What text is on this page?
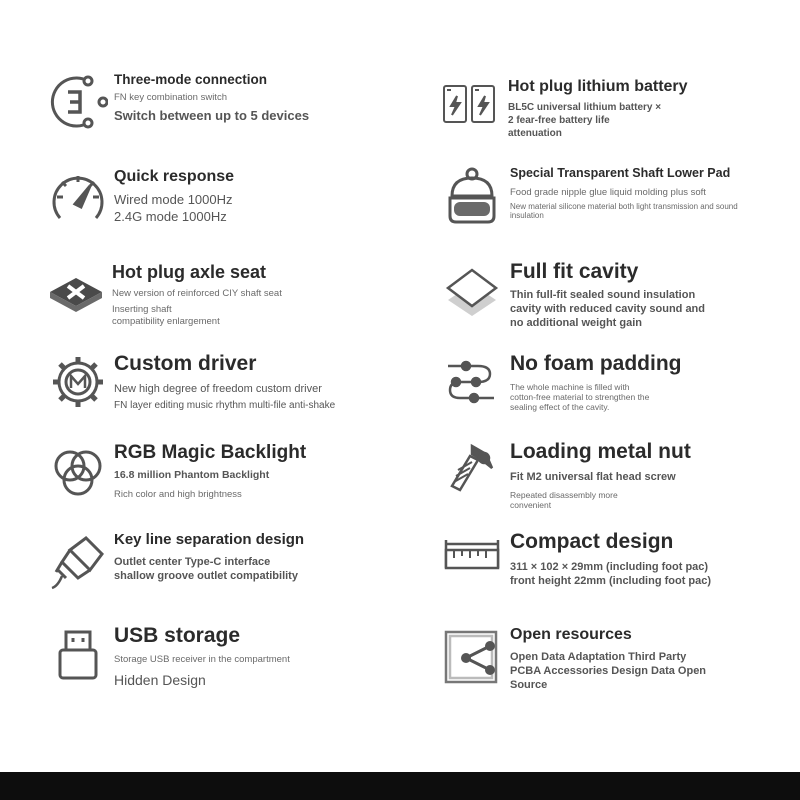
Three-mode connection
FN key combination switch
Switch between up to 5 devices
Quick response
Wired mode 1000Hz
2.4G mode 1000Hz
Hot plug axle seat
New version of reinforced CIY shaft seat
Inserting shaft compatibility enlargement
Custom driver
New high degree of freedom custom driver
FN layer editing music rhythm multi-file anti-shake
RGB Magic Backlight
16.8 million Phantom Backlight
Rich color and high brightness
Key line separation design
Outlet center Type-C interface
shallow groove outlet compatibility
USB storage
Storage USB receiver in the compartment
Hidden Design
Hot plug lithium battery
BL5C universal lithium battery ×
2 fear-free battery life
attenuation
Special Transparent Shaft Lower Pad
Food grade nipple glue liquid molding plus soft
New material silicone material both light transmission and sound insulation
Full fit cavity
Thin full-fit sealed sound insulation
cavity with reduced cavity sound and
no additional weight gain
No foam padding
The whole machine is filled with
cotton-free material to strengthen the
sealing effect of the cavity.
Loading metal nut
Fit M2 universal flat head screw
Repeated disassembly more
convenient
Compact design
311 × 102 × 29mm (including foot pac)
front height 22mm (including foot pac)
Open resources
Open Data Adaptation Third Party
PCBA Accessories Design Data Open
Source
